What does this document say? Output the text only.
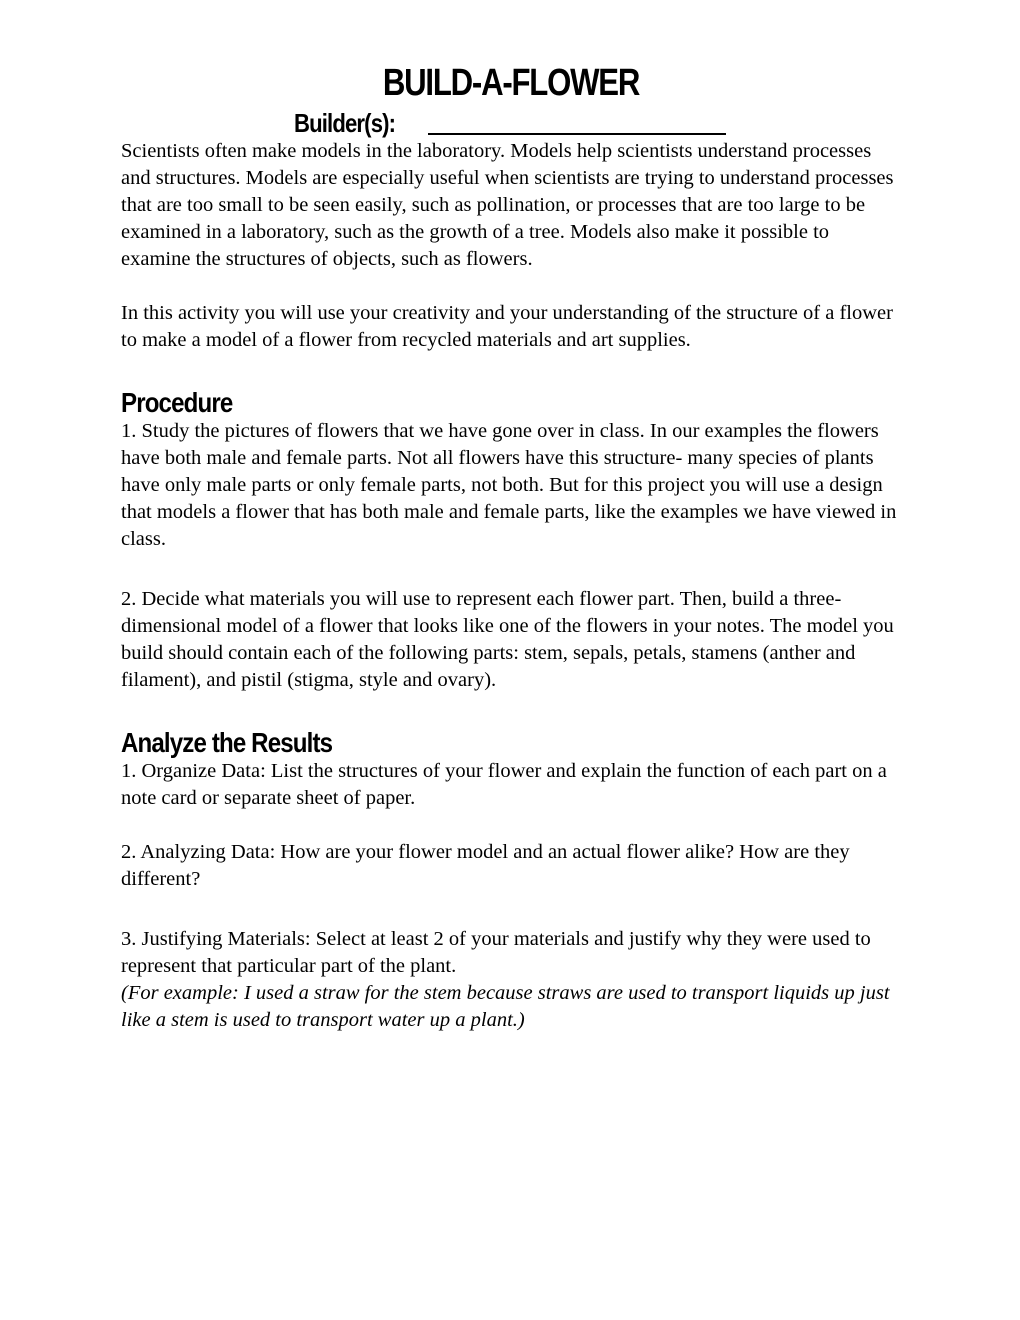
BUILD-A-FLOWER
Builder(s):

Scientists often make models in the laboratory. Models help scientists understand processes and structures. Models are especially useful when scientists are trying to understand processes that are too small to be seen easily, such as pollination, or processes that are too large to be examined in a laboratory, such as the growth of a tree. Models also make it possible to examine the structures of objects, such as flowers.

In this activity you will use your creativity and your understanding of the structure of a flower to make a model of a flower from recycled materials and art supplies.

Procedure

1. Study the pictures of flowers that we have gone over in class. In our examples the flowers have both male and female parts. Not all flowers have this structure- many species of plants have only male parts or only female parts, not both. But for this project you will use a design that models a flower that has both male and female parts, like the examples we have viewed in class.

2. Decide what materials you will use to represent each flower part. Then, build a three-dimensional model of a flower that looks like one of the flowers in your notes. The model you build should contain each of the following parts: stem, sepals, petals, stamens (anther and filament), and pistil (stigma, style and ovary).

Analyze the Results

1. Organize Data: List the structures of your flower and explain the function of each part on a note card or separate sheet of paper.

2. Analyzing Data: How are your flower model and an actual flower alike? How are they different?

3. Justifying Materials: Select at least 2 of your materials and justify why they were used to represent that particular part of the plant.

(For example: I used a straw for the stem because straws are used to transport liquids up just like a stem is used to transport water up a plant.)
